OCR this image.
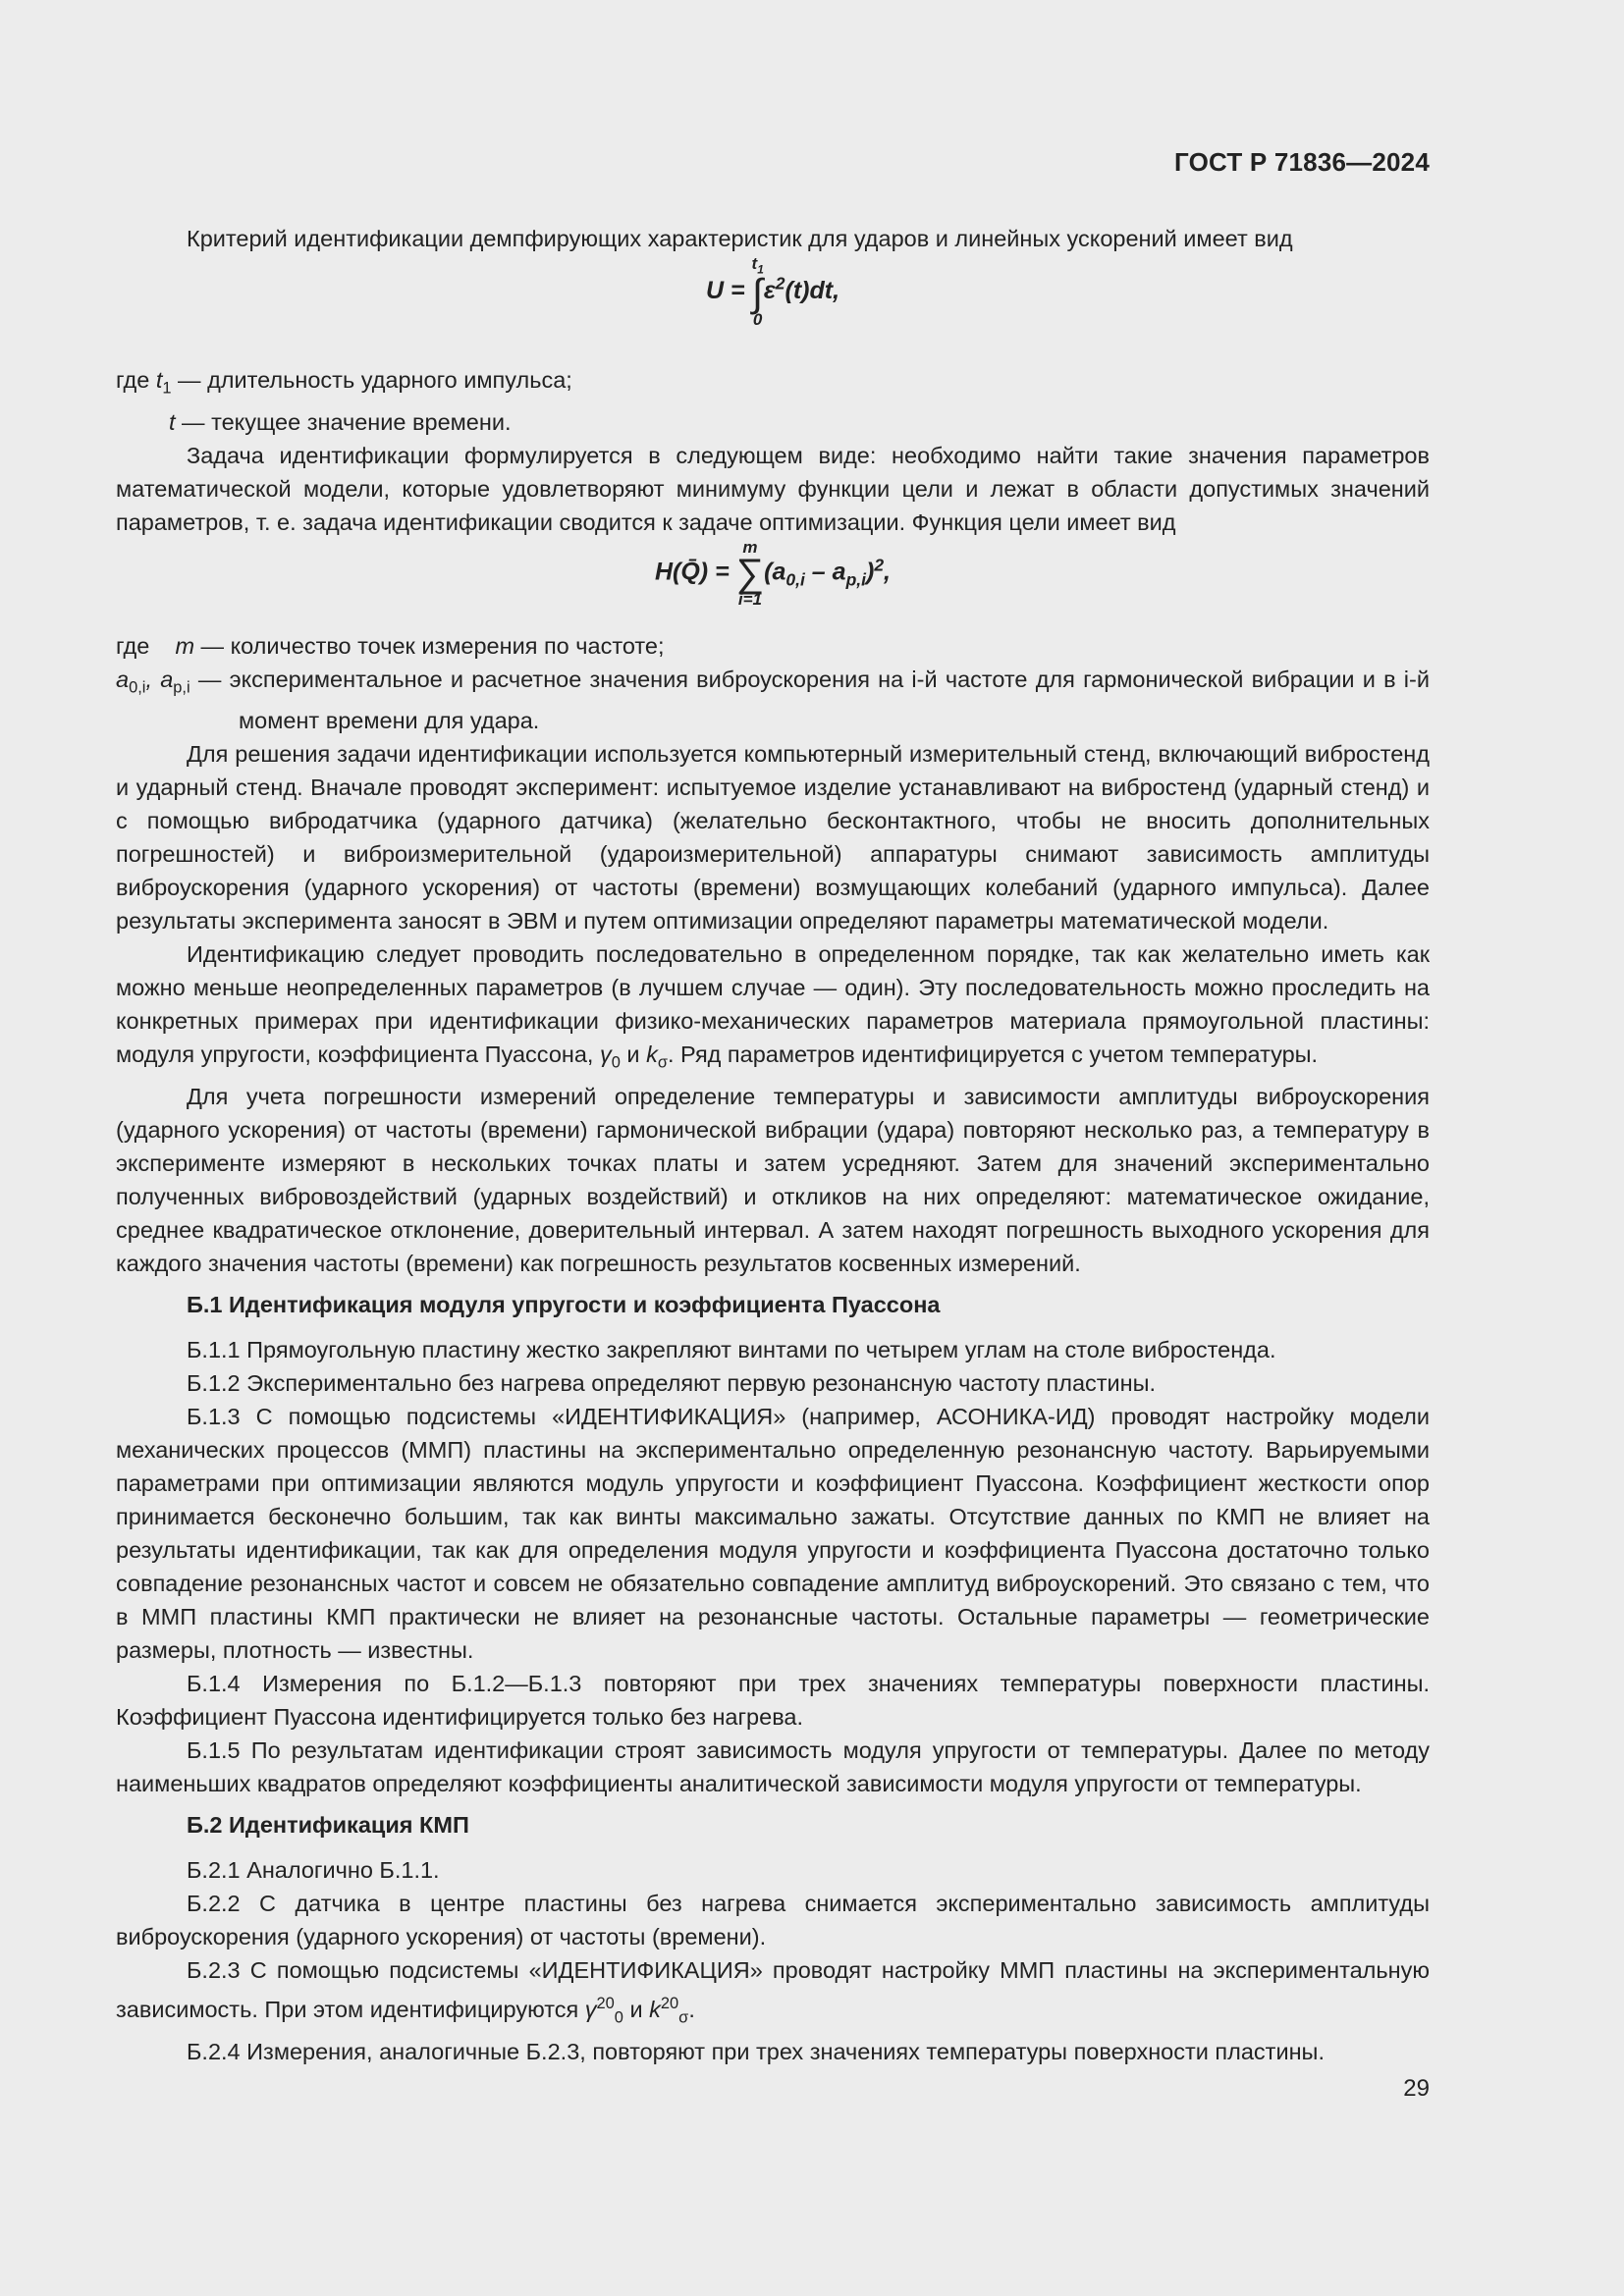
ГОСТ Р 71836—2024

Критерий идентификации демпфирующих характеристик для ударов и линейных ускорений имеет вид

U =
$t_1$
∫
0
$\varepsilon^2(t)dt$,

где $t_1$ — длительность ударного импульса;

t — текущее значение времени.

Задача идентификации формулируется в следующем виде: необходимо найти такие значения параметров математической модели, которые удовлетворяют минимуму функции цели и лежат в области допустимых значений параметров, т. е. задача идентификации сводится к задаче оптимизации. Функция цели имеет вид

H(Q̄) =
m
∑
i=1
$(a_{0,i} - a_{p,i})^2$,

где m — количество точек измерения по частоте;

$a_{0,i}$, $a_{p,i}$ — экспериментальное и расчетное значения виброускорения на i-й частоте для гармонической вибрации и в i-й момент времени для удара.

Для решения задачи идентификации используется компьютерный измерительный стенд, включающий вибростенд и ударный стенд. Вначале проводят эксперимент: испытуемое изделие устанавливают на вибростенд (ударный стенд) и с помощью вибродатчика (ударного датчика) (желательно бесконтактного, чтобы не вносить дополнительных погрешностей) и виброизмерительной (удароизмерительной) аппаратуры снимают зависимость амплитуды виброускорения (ударного ускорения) от частоты (времени) возмущающих колебаний (ударного импульса). Далее результаты эксперимента заносят в ЭВМ и путем оптимизации определяют параметры математической модели.

Идентификацию следует проводить последовательно в определенном порядке, так как желательно иметь как можно меньше неопределенных параметров (в лучшем случае — один). Эту последовательность можно проследить на конкретных примерах при идентификации физико-механических параметров материала прямоугольной пластины: модуля упругости, коэффициента Пуассона, $\gamma_0$ и $k_\sigma$. Ряд параметров идентифицируется с учетом температуры.

Для учета погрешности измерений определение температуры и зависимости амплитуды виброускорения (ударного ускорения) от частоты (времени) гармонической вибрации (удара) повторяют несколько раз, а температуру в эксперименте измеряют в нескольких точках платы и затем усредняют. Затем для значений экспериментально полученных вибровоздействий (ударных воздействий) и откликов на них определяют: математическое ожидание, среднее квадратическое отклонение, доверительный интервал. А затем находят погрешность выходного ускорения для каждого значения частоты (времени) как погрешность результатов косвенных измерений.

Б.1 Идентификация модуля упругости и коэффициента Пуассона

Б.1.1 Прямоугольную пластину жестко закрепляют винтами по четырем углам на столе вибростенда.

Б.1.2 Экспериментально без нагрева определяют первую резонансную частоту пластины.

Б.1.3 С помощью подсистемы «ИДЕНТИФИКАЦИЯ» (например, АСОНИКА-ИД) проводят настройку модели механических процессов (ММП) пластины на экспериментально определенную резонансную частоту. Варьируемыми параметрами при оптимизации являются модуль упругости и коэффициент Пуассона. Коэффициент жесткости опор принимается бесконечно большим, так как винты максимально зажаты. Отсутствие данных по КМП не влияет на результаты идентификации, так как для определения модуля упругости и коэффициента Пуассона достаточно только совпадение резонансных частот и совсем не обязательно совпадение амплитуд виброускорений. Это связано с тем, что в ММП пластины КМП практически не влияет на резонансные частоты. Остальные параметры — геометрические размеры, плотность — известны.

Б.1.4 Измерения по Б.1.2—Б.1.3 повторяют при трех значениях температуры поверхности пластины. Коэффициент Пуассона идентифицируется только без нагрева.

Б.1.5 По результатам идентификации строят зависимость модуля упругости от температуры. Далее по методу наименьших квадратов определяют коэффициенты аналитической зависимости модуля упругости от температуры.

Б.2 Идентификация КМП

Б.2.1 Аналогично Б.1.1.

Б.2.2 С датчика в центре пластины без нагрева снимается экспериментально зависимость амплитуды виброускорения (ударного ускорения) от частоты (времени).

Б.2.3 С помощью подсистемы «ИДЕНТИФИКАЦИЯ» проводят настройку ММП пластины на экспериментальную зависимость. При этом идентифицируются $\gamma^{20}_0$ и $k^{20}_\sigma$.

Б.2.4 Измерения, аналогичные Б.2.3, повторяют при трех значениях температуры поверхности пластины.

29
